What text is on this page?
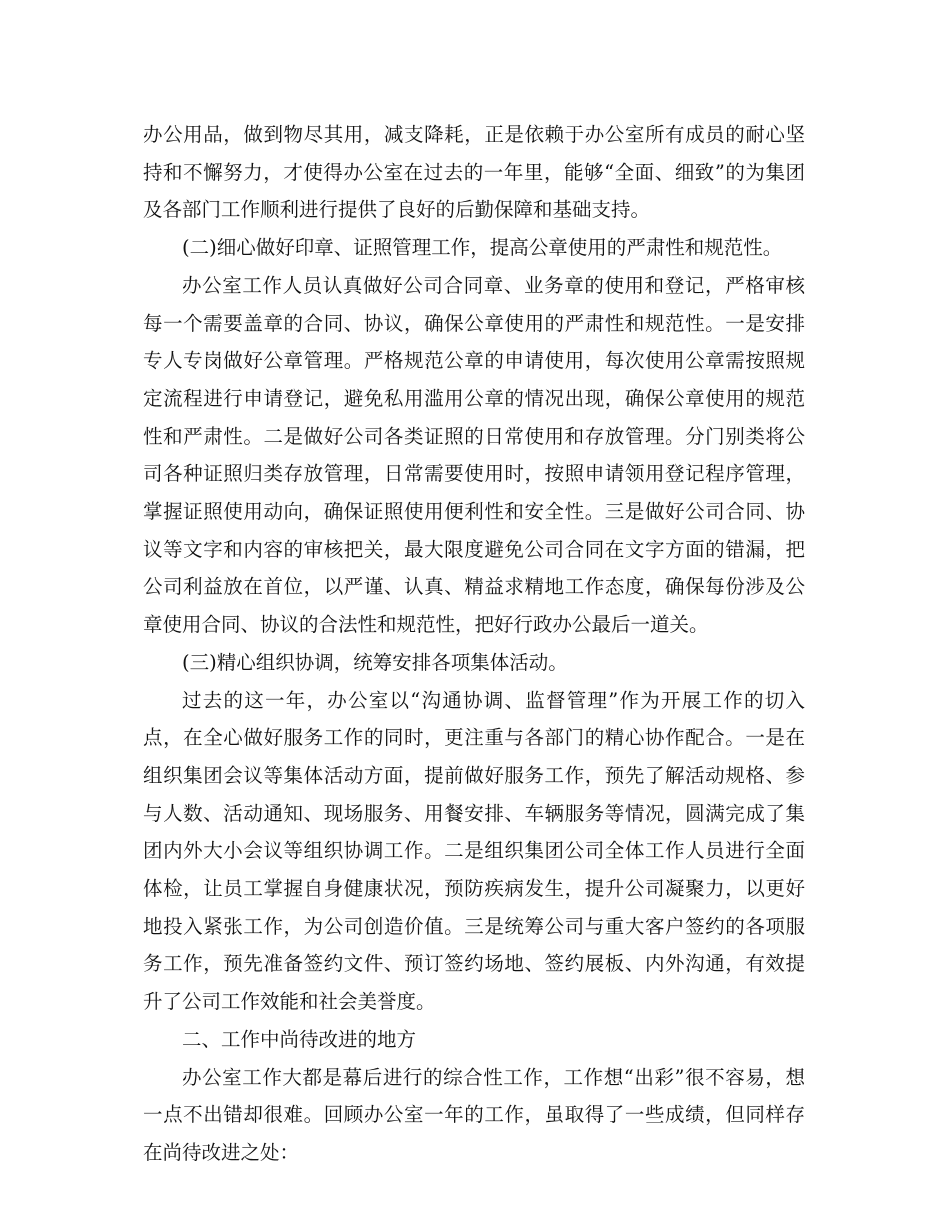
办公用品，做到物尽其用，减支降耗，正是依赖于办公室所有成员的耐心坚持和不懈努力，才使得办公室在过去的一年里，能够“全面、细致”的为集团及各部门工作顺利进行提供了良好的后勤保障和基础支持。

(二)细心做好印章、证照管理工作，提高公章使用的严肃性和规范性。

办公室工作人员认真做好公司合同章、业务章的使用和登记，严格审核每一个需要盖章的合同、协议，确保公章使用的严肃性和规范性。一是安排专人专岗做好公章管理。严格规范公章的申请使用，每次使用公章需按照规定流程进行申请登记，避免私用滥用公章的情况出现，确保公章使用的规范性和严肃性。二是做好公司各类证照的日常使用和存放管理。分门别类将公司各种证照归类存放管理，日常需要使用时，按照申请领用登记程序管理，掌握证照使用动向，确保证照使用便利性和安全性。三是做好公司合同、协议等文字和内容的审核把关，最大限度避免公司合同在文字方面的错漏，把公司利益放在首位，以严谨、认真、精益求精地工作态度，确保每份涉及公章使用合同、协议的合法性和规范性，把好行政办公最后一道关。

(三)精心组织协调，统筹安排各项集体活动。

过去的这一年，办公室以“沟通协调、监督管理”作为开展工作的切入点，在全心做好服务工作的同时，更注重与各部门的精心协作配合。一是在组织集团会议等集体活动方面，提前做好服务工作，预先了解活动规格、参与人数、活动通知、现场服务、用餐安排、车辆服务等情况，圆满完成了集团内外大小会议等组织协调工作。二是组织集团公司全体工作人员进行全面体检，让员工掌握自身健康状况，预防疾病发生，提升公司凝聚力，以更好地投入紧张工作，为公司创造价值。三是统筹公司与重大客户签约的各项服务工作，预先准备签约文件、预订签约场地、签约展板、内外沟通，有效提升了公司工作效能和社会美誉度。

二、工作中尚待改进的地方

办公室工作大都是幕后进行的综合性工作，工作想“出彩”很不容易，想一点不出错却很难。回顾办公室一年的工作，虽取得了一些成绩，但同样存在尚待改进之处：
